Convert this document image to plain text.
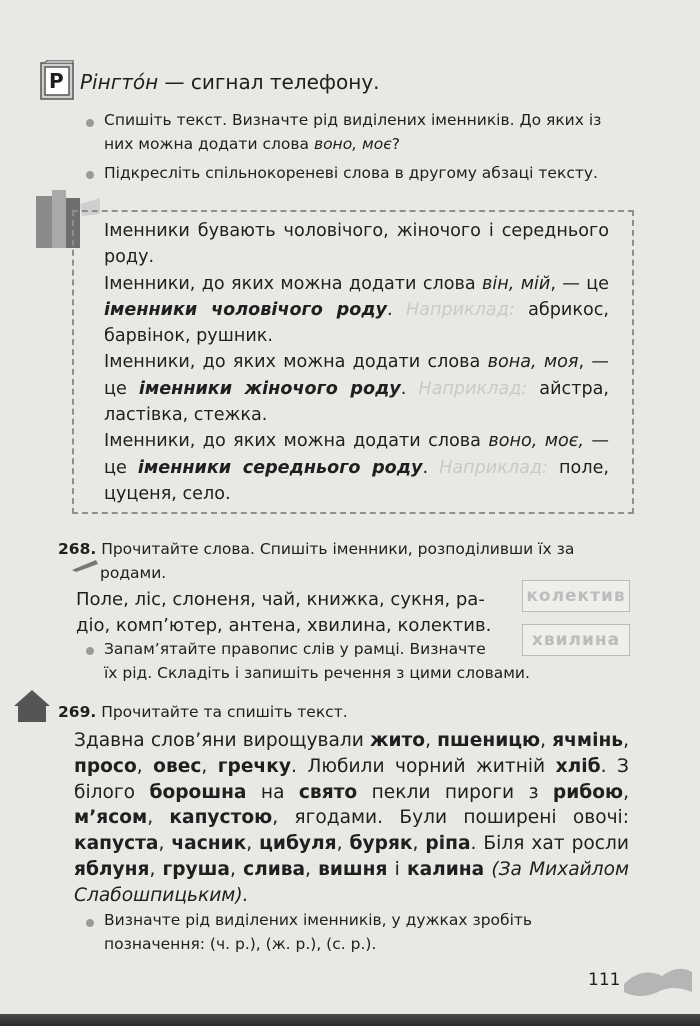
Р Рінгто́н — сигнал телефону.
Спишіть текст. Визначте рід виділених іменників. До яких із
них можна додати слова воно, моє?
Підкресліть спільнокореневі слова в другому абзаці тексту.
Іменники бувають чоловічого, жіночого і середнього роду.
Іменники, до яких можна додати слова він, мій, — це іменники чоловічого роду. Наприклад: абрикос, барвінок, рушник.
Іменники, до яких можна додати слова вона, моя, — це іменники жіночого роду. Наприклад: айстра, ластівка, стежка.
Іменники, до яких можна додати слова воно, моє, — це іменники середнього роду. Наприклад: поле, цуценя, село.
268. Прочитайте слова. Спишіть іменники, розподіливши їх за
родами.
Поле, ліс, слоненя, чай, книжка, сукня, ра-
діо, комп’ютер, антена, хвилина, колектив.
колектив
хвилина
Запам’ятайте правопис слів у рамці. Визначте
їх рід. Складіть і запишіть речення з цими словами.
269. Прочитайте та спишіть текст.
Здавна слов’яни вирощували жито, пшеницю, ячмінь, просо, овес, гречку. Любили чорний житній хліб. З білого борошна на свято пекли пироги з рибою, м’ясом, капустою, ягодами. Були поширені овочі: капуста, часник, цибуля, буряк, ріпа. Біля хат росли яблуня, груша, слива, вишня і калина (За Михайлом Слабошпицьким).
Визначте рід виділених іменників, у дужках зробіть
позначення: (ч. р.), (ж. р.), (с. р.).
111
